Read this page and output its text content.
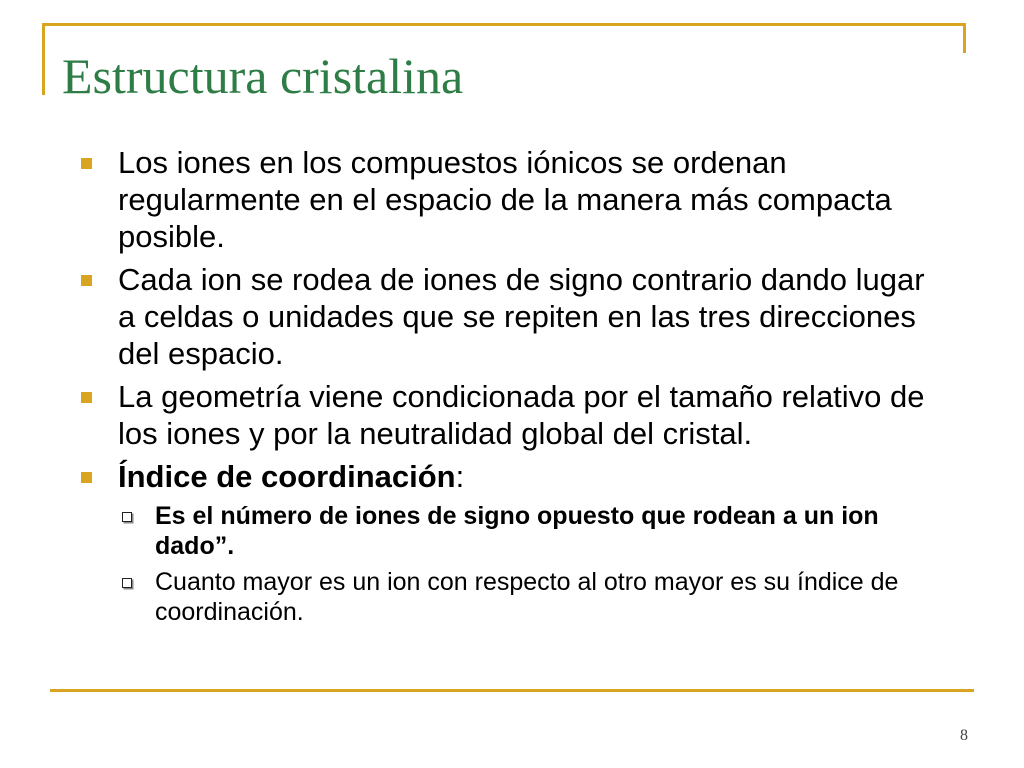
Estructura cristalina

Los iones en los compuestos iónicos se ordenan regularmente en el espacio de la manera más compacta posible.

Cada ion se rodea de iones de signo contrario dando lugar a celdas o unidades que se repiten en las tres direcciones del espacio.

La geometría viene condicionada por el tamaño relativo de los iones y por la neutralidad global del cristal.

Índice de coordinación:

Es el número de iones de signo opuesto que rodean a un ion dado”.

Cuanto mayor es un ion con respecto al otro mayor es su índice de coordinación.

8
